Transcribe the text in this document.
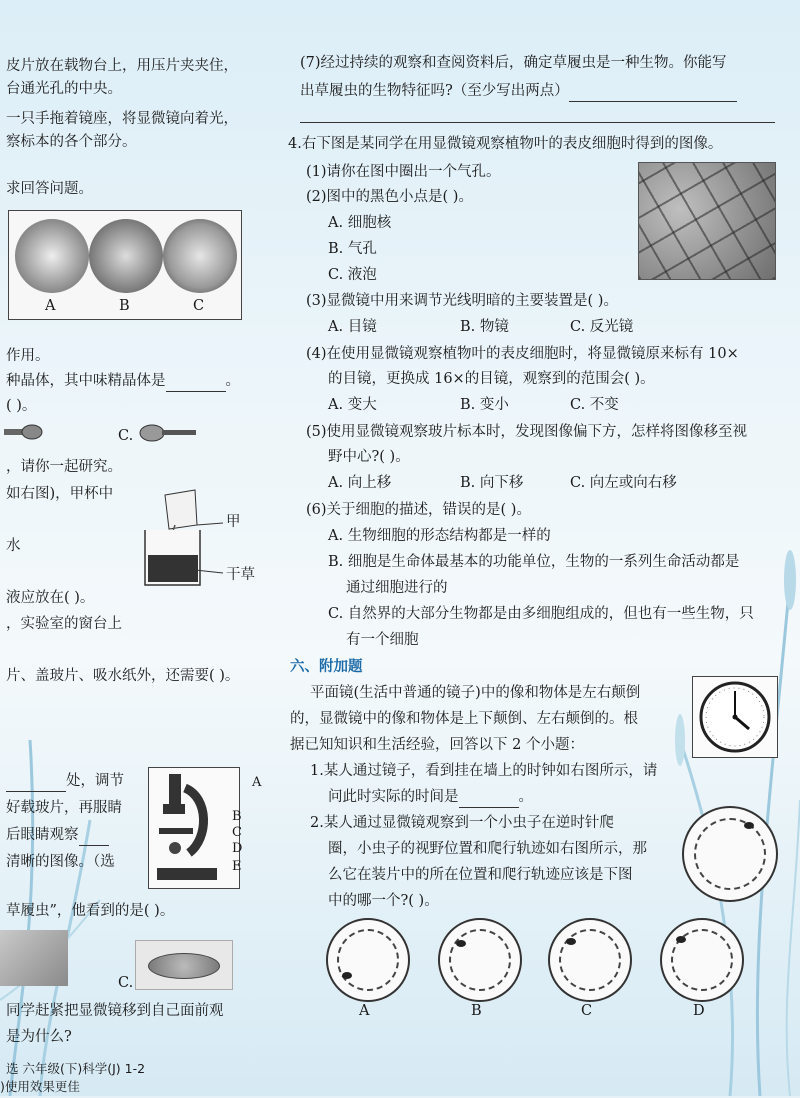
皮片放在载物台上，用压片夹夹住，
台通光孔的中央。
一只手拖着镜座，将显微镜向着光，
察标本的各个部分。
求回答问题。
A	B	C
作用。
种晶体，其中味精晶体是	。
( )。
C.
，请你一起研究。
如右图)，甲杯中
水
甲
干草
液应放在( )。
，实验室的窗台上
片、盖玻片、吸水纸外，还需要( )。
处，调节
好载玻片，再服睛
后眼睛观察
清晰的图像。（选
A
B
C
D
E
草履虫”，他看到的是( )。
C.
同学赶紧把显微镜移到自己面前观
是为什么?
(7)经过持续的观察和查阅资料后，确定草履虫是一种生物。你能写
出草履虫的生物特征吗?（至少写出两点）
4.右下图是某同学在用显微镜观察植物叶的表皮细胞时得到的图像。
(1)请你在图中圈出一个气孔。
(2)图中的黑色小点是( )。
A. 细胞核
B. 气孔
C. 液泡
(3)显微镜中用来调节光线明暗的主要装置是( )。
A. 目镜	B. 物镜	C. 反光镜
(4)在使用显微镜观察植物叶的表皮细胞时，将显微镜原来标有 10×
的目镜，更换成 16×的目镜，观察到的范围会( )。
A. 变大	B. 变小	C. 不变
(5)使用显微镜观察玻片标本时，发现图像偏下方，怎样将图像移至视
野中心?( )。
A. 向上移	B. 向下移	C. 向左或向右移
(6)关于细胞的描述，错误的是( )。
A. 生物细胞的形态结构都是一样的
B. 细胞是生命体最基本的功能单位，生物的一系列生命活动都是
通过细胞进行的
C. 自然界的大部分生物都是由多细胞组成的，但也有一些生物，只
有一个细胞
六、附加题
平面镜(生活中普通的镜子)中的像和物体是左右颠倒
的，显微镜中的像和物体是上下颠倒、左右颠倒的。根
据已知知识和生活经验，回答以下 2 个小题：
1.某人通过镜子，看到挂在墙上的时钟如右图所示，请
问此时实际的时间是	。
2.某人通过显微镜观察到一个小虫子在逆时针爬
圈，小虫子的视野位置和爬行轨迹如右图所示，那
么它在装片中的所在位置和爬行轨迹应该是下图
中的哪一个?( )。
A	B	C	D
选 六年级(下)科学(J) 1-2
)使用效果更佳
